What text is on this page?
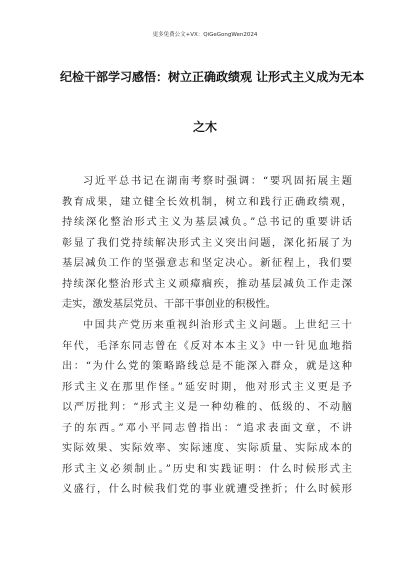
更多免费公文+VX：QiGeGongWen2024
纪检干部学习感悟：树立正确政绩观 让形式主义成为无本
之木
习近平总书记在湖南考察时强调：“要巩固拓展主题
教育成果，建立健全长效机制，树立和践行正确政绩观，
持续深化整治形式主义为基层减负。”总书记的重要讲话
彰显了我们党持续解决形式主义突出问题，深化拓展了为
基层减负工作的坚强意志和坚定决心。新征程上，我们要
持续深化整治形式主义顽瘴痼疾，推动基层减负工作走深
走实，激发基层党员、干部干事创业的积极性。
中国共产党历来重视纠治形式主义问题。上世纪三十
年代，毛泽东同志曾在《反对本本主义》中一针见血地指
出：“为什么党的策略路线总是不能深入群众，就是这种
形式主义在那里作怪。”延安时期，他对形式主义更是予
以严厉批判：“形式主义是一种幼稚的、低级的、不动脑
子的东西。”邓小平同志曾指出：“追求表面文章，不讲
实际效果、实际效率、实际速度、实际质量、实际成本的
形式主义必须制止。”历史和实践证明：什么时候形式主
义盛行，什么时候我们党的事业就遭受挫折；什么时候形
